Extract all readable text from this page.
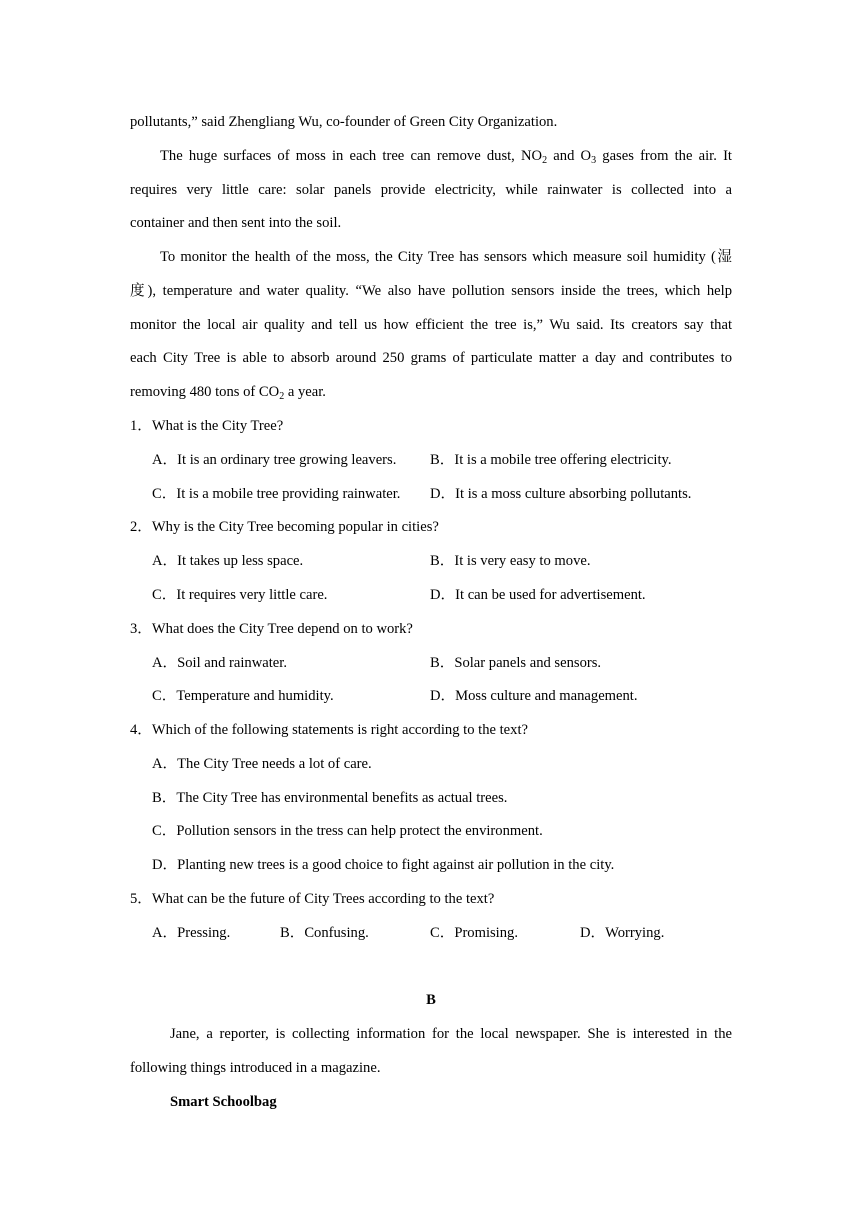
pollutants,” said Zhengliang Wu, co-founder of Green City Organization.
The huge surfaces of moss in each tree can remove dust, $NO_2$ and $O_3$ gases from the air. It
requires very little care: solar panels provide electricity, while rainwater is collected into a
container and then sent into the soil.
To monitor the health of the moss, the City Tree has sensors which measure soil humidity (湿
度), temperature and water quality. “We also have pollution sensors inside the trees, which help
monitor the local air quality and tell us how efficient the tree is,” Wu said. Its creators say that
each City Tree is able to absorb around 250 grams of particulate matter a day and contributes to
removing 480 tons of $CO_2$ a year.
1．What is the City Tree?
A．It is an ordinary tree growing leavers. B．It is a mobile tree offering electricity.
C．It is a mobile tree providing rainwater. D．It is a moss culture absorbing pollutants.
2．Why is the City Tree becoming popular in cities?
A．It takes up less space.	B．It is very easy to move.
C．It requires very little care.	D．It can be used for advertisement.
3．What does the City Tree depend on to work?
A．Soil and rainwater.	B．Solar panels and sensors.
C．Temperature and humidity.	D．Moss culture and management.
4．Which of the following statements is right according to the text?
A．The City Tree needs a lot of care.
B．The City Tree has environmental benefits as actual trees.
C．Pollution sensors in the tress can help protect the environment.
D．Planting new trees is a good choice to fight against air pollution in the city.
5．What can be the future of City Trees according to the text?
A．Pressing.	B．Confusing.	C．Promising.	D．Worrying.
B
Jane, a reporter, is collecting information for the local newspaper. She is interested in the
following things introduced in a magazine.
Smart Schoolbag
